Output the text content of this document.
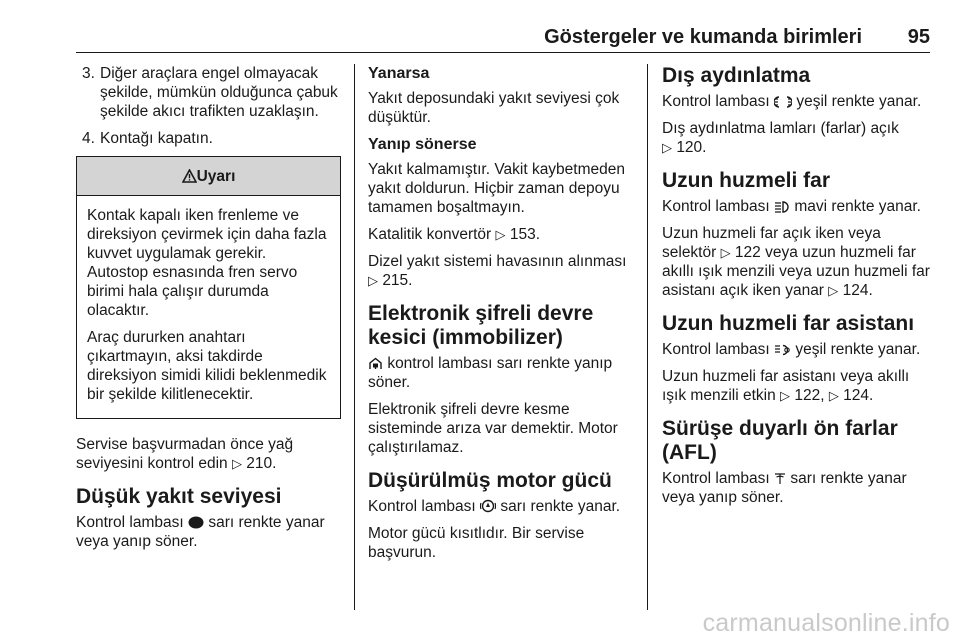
Göstergeler ve kumanda birimleri 95
3. Diğer araçlara engel olmayacak şekilde, mümkün olduğunca çabuk şekilde akıcı trafikten uzaklaşın.
4. Kontağı kapatın.
Uyarı

Kontak kapalı iken frenleme ve direksiyon çevirmek için daha fazla kuvvet uygulamak gerekir. Autostop esnasında fren servo birimi hala çalışır durumda olacaktır.

Araç dururken anahtarı çıkartmayın, aksi takdirde direksiyon simidi kilidi beklenmedik bir şekilde kilitlenecektir.

Servise başvurmadan önce yağ seviyesini kontrol edin ▷ 210.

Düşük yakıt seviyesi

Kontrol lambası sarı renkte yanar veya yanıp söner.

Yanarsa

Yakıt deposundaki yakıt seviyesi çok düşüktür.

Yanıp sönerse

Yakıt kalmamıştır. Vakit kaybetmeden yakıt doldurun. Hiçbir zaman depoyu tamamen boşaltmayın.

Katalitik konvertör ▷ 153.

Dizel yakıt sistemi havasının alınması ▷ 215.

Elektronik şifreli devre kesici (immobilizer)

kontrol lambası sarı renkte yanıp söner.

Elektronik şifreli devre kesme sisteminde arıza var demektir. Motor çalıştırılamaz.

Düşürülmüş motor gücü

Kontrol lambası sarı renkte yanar.

Motor gücü kısıtlıdır. Bir servise başvurun.

Dış aydınlatma

Kontrol lambası yeşil renkte yanar.

Dış aydınlatma lamları (farlar) açık
▷ 120.

Uzun huzmeli far

Kontrol lambası mavi renkte yanar.

Uzun huzmeli far açık iken veya selektör ▷ 122 veya uzun huzmeli far akıllı ışık menzili veya uzun huzmeli far asistanı açık iken yanar ▷ 124.

Uzun huzmeli far asistanı

Kontrol lambası yeşil renkte yanar.

Uzun huzmeli far asistanı veya akıllı ışık menzili etkin ▷ 122, ▷ 124.

Sürüşe duyarlı ön farlar (AFL)

Kontrol lambası sarı renkte yanar veya yanıp söner.

carmanualsonline.info
